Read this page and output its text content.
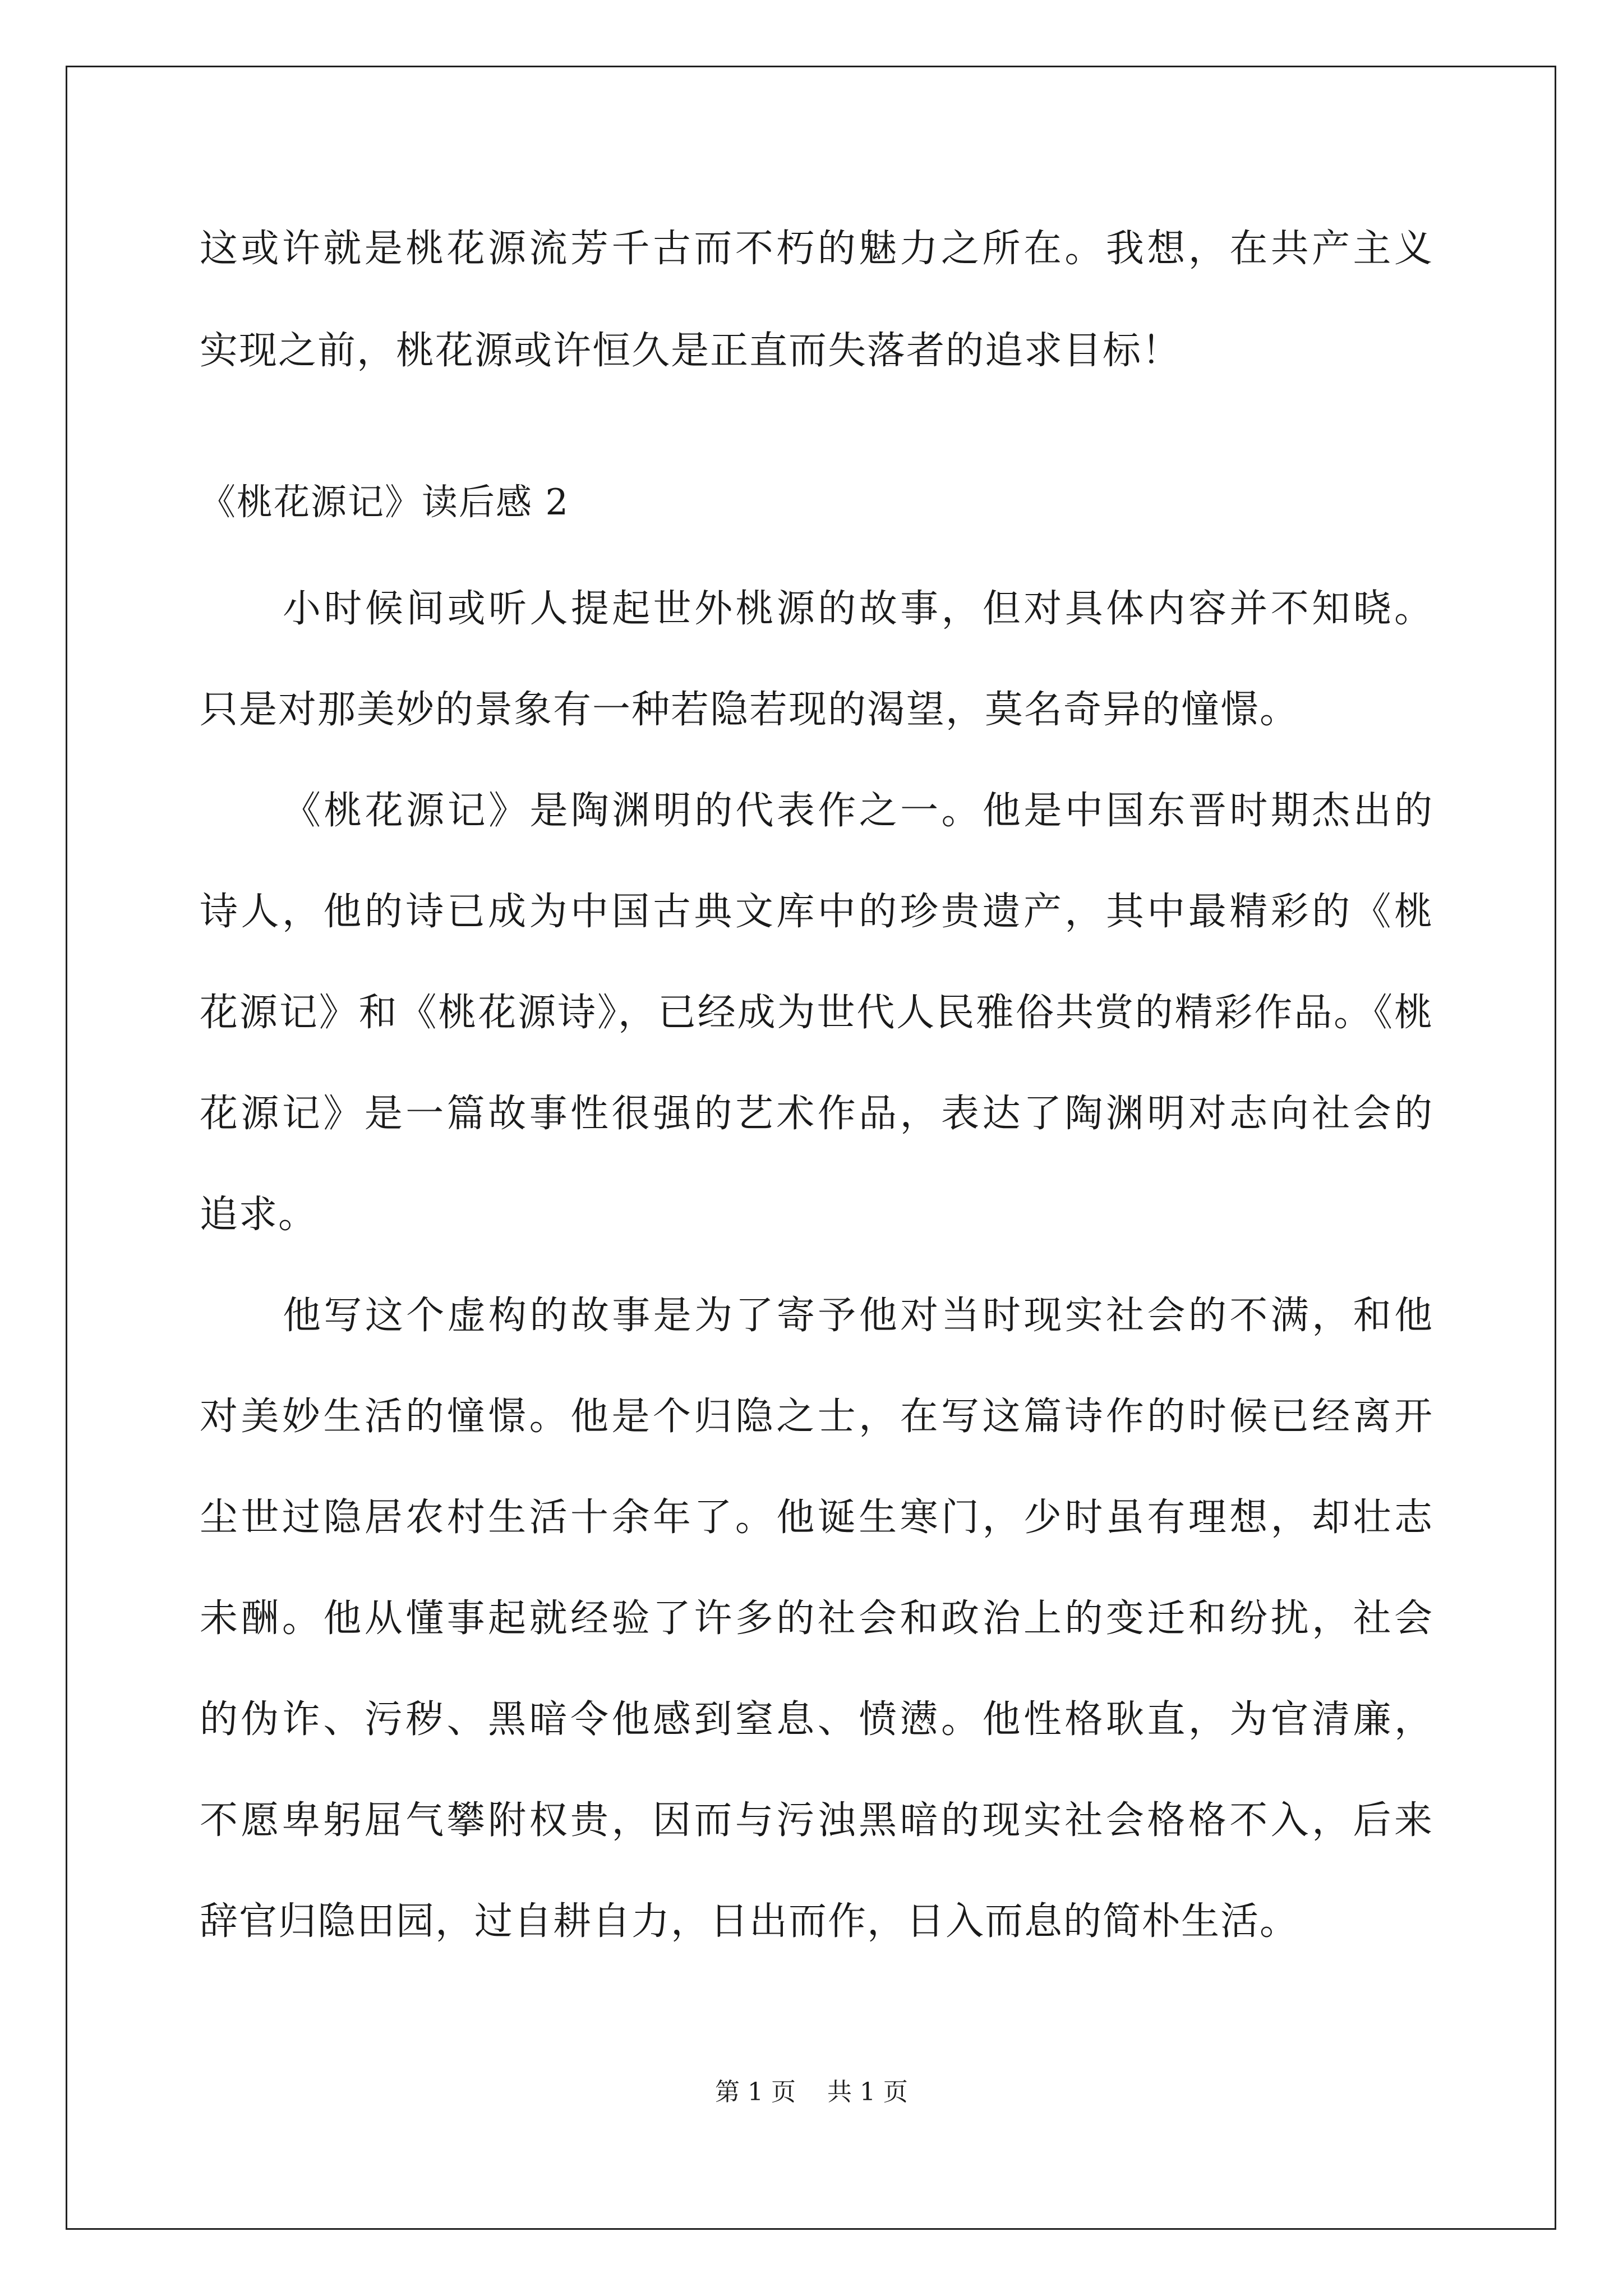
这或许就是桃花源流芳千古而不朽的魅力之所在。我想，在共产主义
实现之前，桃花源或许恒久是正直而失落者的追求目标！
《桃花源记》读后感 2
小时候间或听人提起世外桃源的故事，但对具体内容并不知晓。
只是对那美妙的景象有一种若隐若现的渴望，莫名奇异的憧憬。
《桃花源记》是陶渊明的代表作之一。他是中国东晋时期杰出的
诗人，他的诗已成为中国古典文库中的珍贵遗产，其中最精彩的《桃
花源记》和《桃花源诗》，已经成为世代人民雅俗共赏的精彩作品。《桃
花源记》是一篇故事性很强的艺术作品，表达了陶渊明对志向社会的
追求。
他写这个虚构的故事是为了寄予他对当时现实社会的不满，和他
对美妙生活的憧憬。他是个归隐之士，在写这篇诗作的时候已经离开
尘世过隐居农村生活十余年了。他诞生寒门，少时虽有理想，却壮志
未酬。他从懂事起就经验了许多的社会和政治上的变迁和纷扰，社会
的伪诈、污秽、黑暗令他感到窒息、愤懑。他性格耿直，为官清廉，
不愿卑躬屈气攀附权贵，因而与污浊黑暗的现实社会格格不入，后来
辞官归隐田园，过自耕自力，日出而作，日入而息的简朴生活。
第 1 页    共 1 页
